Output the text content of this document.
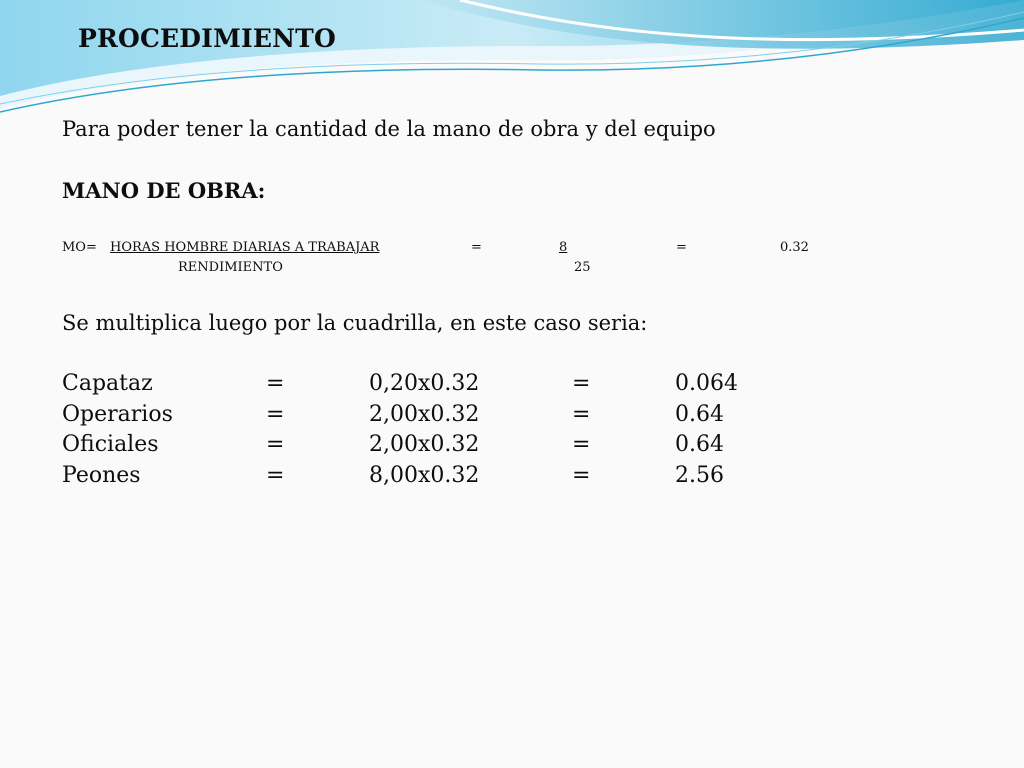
PROCEDIMIENTO
Para poder tener la cantidad de la mano de obra y del equipo
MANO DE OBRA:
MO= HORAS HOMBRE DIARIAS A TRABAJAR	=	8	=	0.32
RENDIMIENTO	25
Se multiplica luego por la cuadrilla, en este caso seria:
Capataz	=	0,20x0.32	=	0.064
Operarios	=	2,00x0.32	=	0.64
Oficiales	=	2,00x0.32	=	0.64
Peones	=	8,00x0.32	=	2.56
